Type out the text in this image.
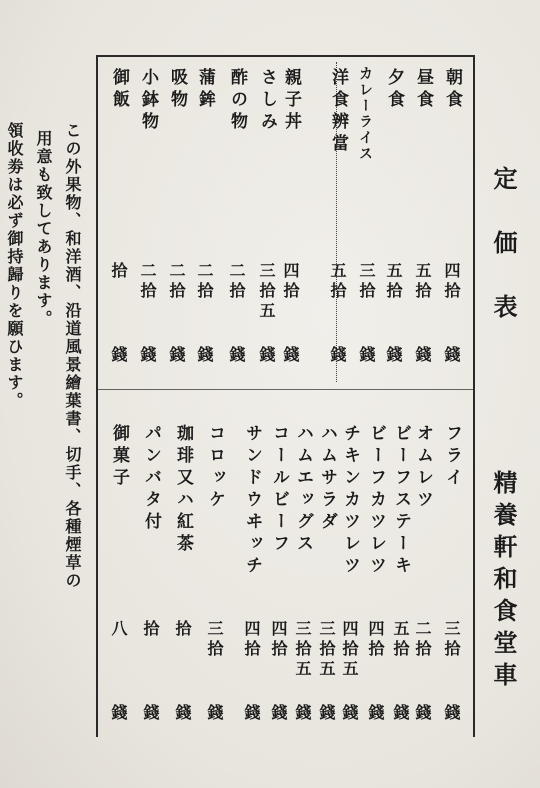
定価表
精養軒和食堂車
朝食
昼食
夕食
カレーライス
洋食辨當
親子丼
さしみ
酢の物
蒲鉾
吸物
小鉢物
御飯
四拾
五拾
五拾
三拾
五拾
四拾
三拾五
二拾
二拾
二拾
二拾
拾
錢
錢
錢
錢
錢
錢
錢
錢
錢
錢
錢
錢
フライ
オムレツ
ビーフステーキ
ビーフカツレツ
チキンカツレツ
ハムサラダ
ハムエッグス
コールビーフ
サンドウヰッチ
コロッケ
珈琲又ハ紅茶
パンバタ付
御菓子
三拾
二拾
五拾
四拾
四拾五
三拾五
三拾五
四拾
四拾
三拾
拾
拾
八
錢
錢
錢
錢
錢
錢
錢
錢
錢
錢
錢
錢
錢
この外果物、和洋酒、沿道風景繪葉書、切手、各種煙草の
用意も致してあります。
領收劵は必ず御持歸りを願ひます。
